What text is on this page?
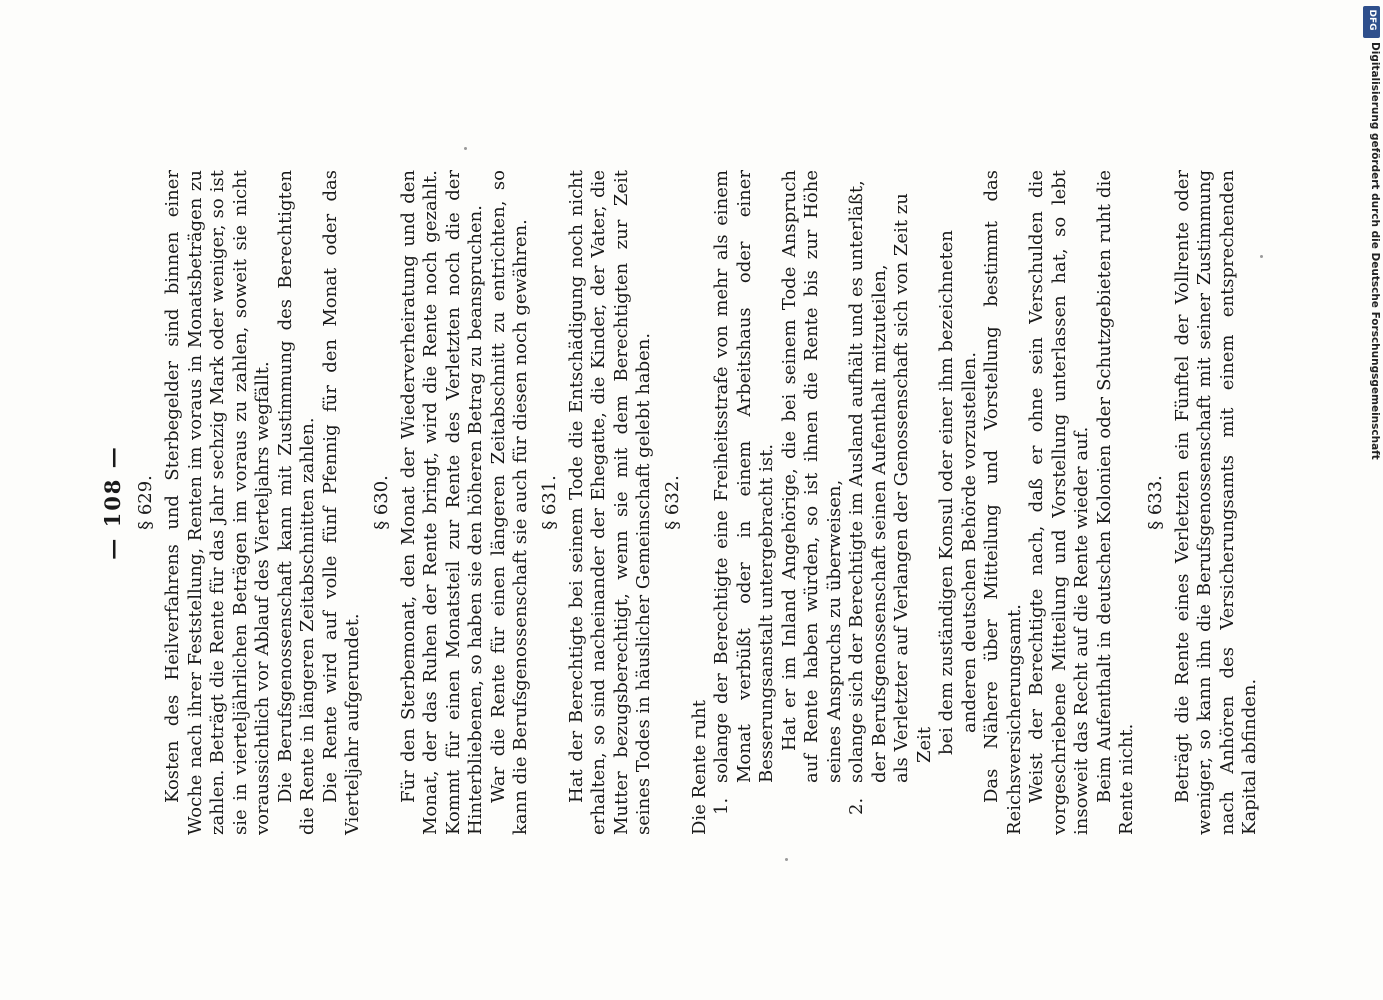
— 108 — § 629. Kosten des Heilverfahrens und Sterbegelder sind binnen einer Woche nach ihrer Feststellung, Renten im voraus in Monatsbeträgen zu zahlen. Beträgt die Rente für das Jahr sechzig Mark oder weniger, so ist sie in vierteljährlichen Beträgen im voraus zu zahlen, soweit sie nicht voraussichtlich vor Ablauf des Vierteljahrs wegfällt. Die Berufsgenossenschaft kann mit Zustimmung des Berechtigten die Rente in längeren Zeitabschnitten zahlen. Die Rente wird auf volle fünf Pfennig für den Monat oder das Vierteljahr aufgerundet.

§ 630. Für den Sterbemonat, den Monat der Wiederverheiratung und den Monat, der das Ruhen der Rente bringt, wird die Rente noch gezahlt. Kommt für einen Monatsteil zur Rente des Verletzten noch die der Hinterbliebenen, so haben sie den höheren Betrag zu beanspruchen. War die Rente für einen längeren Zeitabschnitt zu entrichten, so kann die Berufsgenossenschaft sie auch für diesen noch gewähren. § 631. Hat der Berechtigte bei seinem Tode die Entschädigung noch nicht erhalten, so sind nacheinander der Ehegatte, die Kinder, der Vater, die Mutter bezugsberechtigt, wenn sie mit dem Berechtigten zur Zeit seines Todes in häuslicher Gemeinschaft gelebt haben. § 632.

Die Rente ruht 1.
solange der Berechtigte eine Freiheitsstrafe von mehr als einem Monat verbüßt oder in einem Arbeitshaus oder einer Besserungsanstalt untergebracht ist. Hat er im Inland Angehörige, die bei seinem Tode Anspruch auf Rente haben würden, so ist ihnen die Rente bis zur Höhe seines Anspruchs zu überweisen,

2.
solange sich der Berechtigte im Ausland aufhält und es unterläßt, der Berufsgenossenschaft seinen Aufenthalt mitzuteilen, als Verletzter auf Verlangen der Genossenschaft sich von Zeit zu Zeit bei dem zuständigen Konsul oder einer ihm bezeichneten anderen deutschen Behörde vorzustellen. Das Nähere über Mitteilung und Vorstellung bestimmt das Reichsversicherungsamt. Weist der Berechtigte nach, daß er ohne sein Verschulden die vorgeschriebene Mitteilung und Vorstellung unterlassen hat, so lebt insoweit das Recht auf die Rente wieder auf. Beim Aufenthalt in deutschen Kolonien oder Schutzgebieten ruht die Rente nicht.

§ 633. Beträgt die Rente eines Verletzten ein Fünftel der Vollrente oder weniger, so kann ihn die Berufsgenossenschaft mit seiner Zustimmung nach Anhören des Versicherungsamts mit einem entsprechenden Kapital abfinden.

DFG
Digitalisierung gefördert durch die Deutsche Forschungsgemeinschaft
